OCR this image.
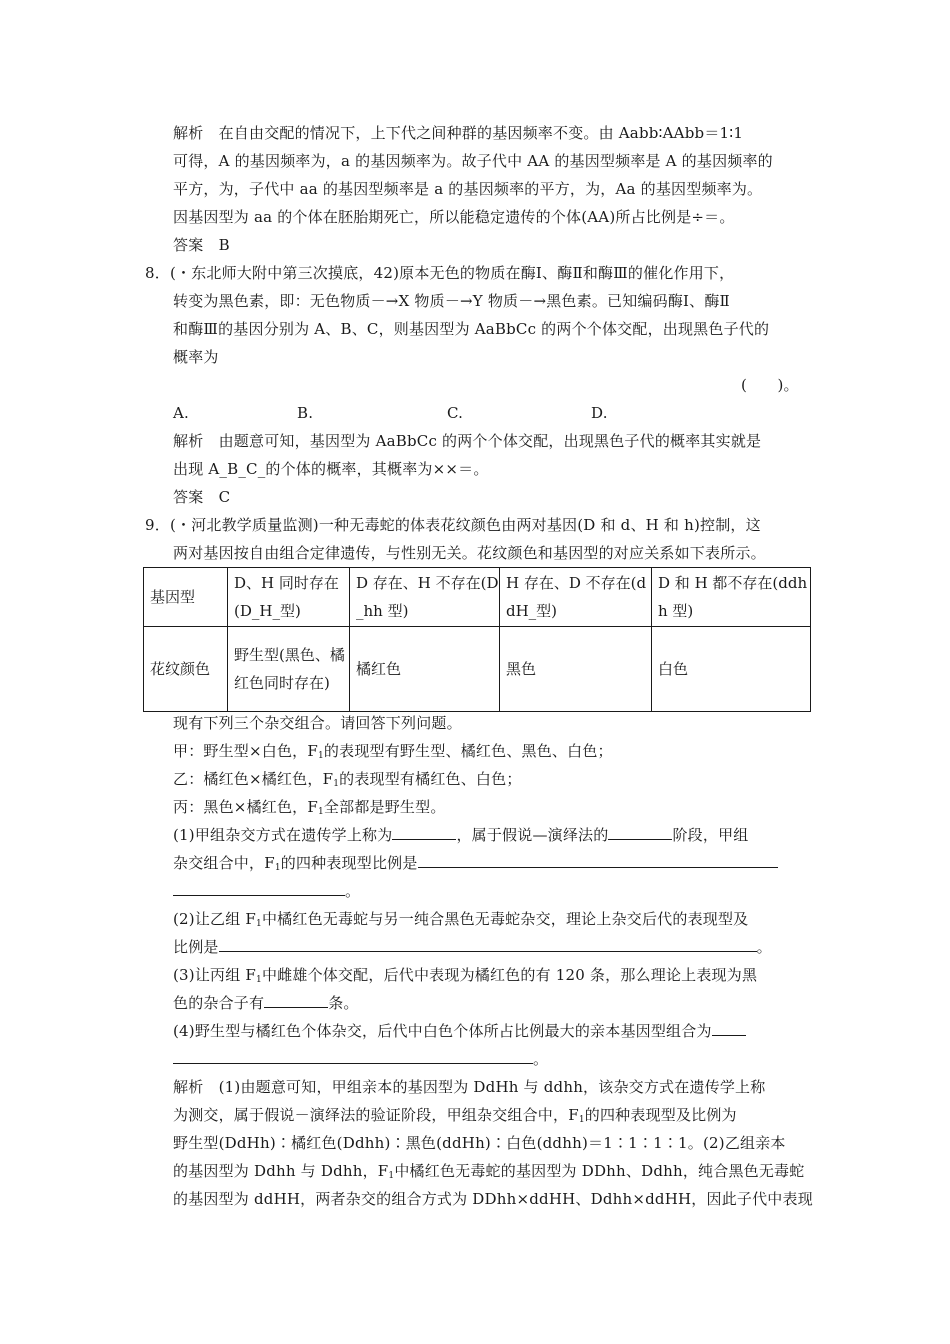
解析　在自由交配的情况下，上下代之间种群的基因频率不变。由 Aabb∶AAbb＝1∶1
可得，A 的基因频率为，a 的基因频率为。故子代中 AA 的基因型频率是 A 的基因频率的
平方，为，子代中 aa 的基因型频率是 a 的基因频率的平方，为，Aa 的基因型频率为。
因基因型为 aa 的个体在胚胎期死亡，所以能稳定遗传的个体(AA)所占比例是÷＝。
答案　B
8．(・东北师大附中第三次摸底，42)原本无色的物质在酶Ⅰ、酶Ⅱ和酶Ⅲ的催化作用下，
转变为黑色素，即：无色物质－→X 物质－→Y 物质－→黑色素。已知编码酶Ⅰ、酶Ⅱ
和酶Ⅲ的基因分别为 A、B、C，则基因型为 AaBbCc 的两个个体交配，出现黑色子代的
概率为
(　　)。
A.	B.	C.	D.
解析　由题意可知，基因型为 AaBbCc 的两个个体交配，出现黑色子代的概率其实就是
出现 A_B_C_的个体的概率，其概率为××＝。
答案　C
9．(・河北教学质量监测)一种无毒蛇的体表花纹颜色由两对基因(D 和 d、H 和 h)控制，这
两对基因按自由组合定律遗传，与性别无关。花纹颜色和基因型的对应关系如下表所示。
基因型	D、H 同时存在(D_H_型)	D 存在、H 不存在(D_hh 型)	H 存在、D 不存在(ddH_型)	D 和 H 都不存在(ddhh 型)
花纹颜色	野生型(黑色、橘红色同时存在)	橘红色	黑色	白色
现有下列三个杂交组合。请回答下列问题。
甲：野生型×白色，$F_1$的表现型有野生型、橘红色、黑色、白色；
乙：橘红色×橘红色，$F_1$的表现型有橘红色、白色；
丙：黑色×橘红色，$F_1$全部都是野生型。
(1)甲组杂交方式在遗传学上称为	，属于假说—演绎法的	阶段，甲组
杂交组合中，$F_1$的四种表现型比例是
。
(2)让乙组 $F_1$中橘红色无毒蛇与另一纯合黑色无毒蛇杂交，理论上杂交后代的表现型及
比例是	。
(3)让丙组 $F_1$中雌雄个体交配，后代中表现为橘红色的有 120 条，那么理论上表现为黑
色的杂合子有	条。
(4)野生型与橘红色个体杂交，后代中白色个体所占比例最大的亲本基因型组合为
。
解析　(1)由题意可知，甲组亲本的基因型为 DdHh 与 ddhh，该杂交方式在遗传学上称
为测交，属于假说－演绎法的验证阶段，甲组杂交组合中，$F_1$的四种表现型及比例为
野生型(DdHh)∶橘红色(Ddhh)∶黑色(ddHh)∶白色(ddhh)＝1∶1∶1∶1。(2)乙组亲本
的基因型为 Ddhh 与 Ddhh，$F_1$中橘红色无毒蛇的基因型为 DDhh、Ddhh，纯合黑色无毒蛇
的基因型为 ddHH，两者杂交的组合方式为 DDhh×ddHH、Ddhh×ddHH，因此子代中表现
